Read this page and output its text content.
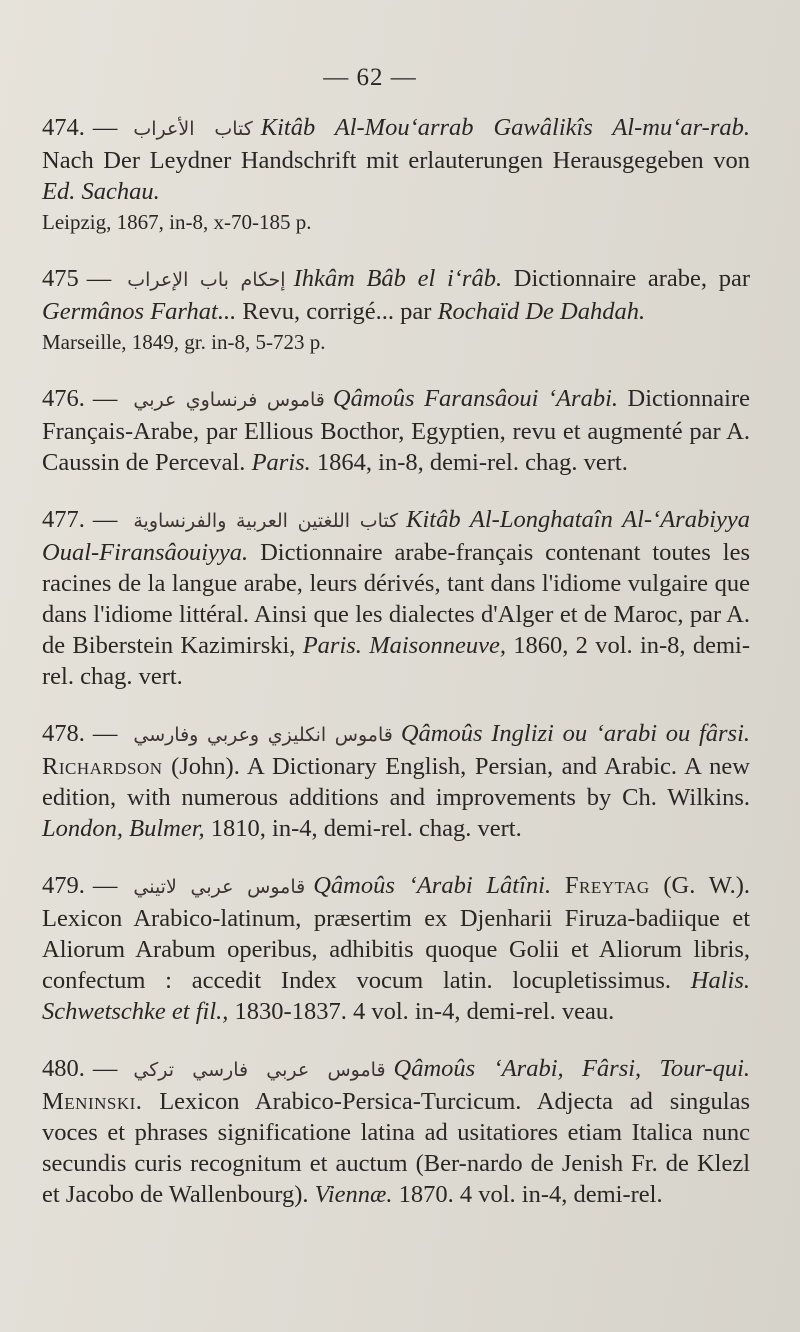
— 62 —

474. — كتاب الأعراب Kitâb Al-Mou‘arrab Gawâlikîs Al-mu‘ar-rab. Nach Der Leydner Handschrift mit erlauterungen Herausgegeben von Ed. Sachau.

Leipzig, 1867, in-8, x-70-185 p.

475 — إحكام باب الإعراب Ihkâm Bâb el i‘râb. Dictionnaire arabe, par Germânos Farhat... Revu, corrigé... par Rochaïd De Dahdah.

Marseille, 1849, gr. in-8, 5-723 p.

476. — قاموس فرنساوي عربي Qâmoûs Faransâoui ‘Arabi. Dictionnaire Français-Arabe, par Ellious Bocthor, Egyptien, revu et augmenté par A. Caussin de Perceval. Paris. 1864, in-8, demi-rel. chag. vert.

477. — كتاب اللغتين العربية والفرنساوية Kitâb Al-Longhataîn Al-‘Arabiyya Oual-Firansâouiyya. Dictionnaire arabe-français contenant toutes les racines de la langue arabe, leurs dérivés, tant dans l'idiome vulgaire que dans l'idiome littéral. Ainsi que les dialectes d'Alger et de Maroc, par A. de Biberstein Kazimirski, Paris. Maisonneuve, 1860, 2 vol. in-8, demi-rel. chag. vert.

478. — قاموس انكليزي وعربي وفارسي Qâmoûs Inglizi ou ‘arabi ou fârsi. Richardson (John). A Dictionary English, Persian, and Arabic. A new edition, with numerous additions and improvements by Ch. Wilkins. London, Bulmer, 1810, in-4, demi-rel. chag. vert.

479. — قاموس عربي لاتيني Qâmoûs ‘Arabi Lâtîni. Freytag (G. W.). Lexicon Arabico-latinum, præsertim ex Djenharii Firuza-badiique et Aliorum Arabum operibus, adhibitis quoque Golii et Aliorum libris, confectum : accedit Index vocum latin. locupletissimus. Halis. Schwetschke et fil., 1830-1837. 4 vol. in-4, demi-rel. veau.

480. — قاموس عربي فارسي تركي Qâmoûs ‘Arabi, Fârsi, Tour-qui. Meninski. Lexicon Arabico-Persica-Turcicum. Adjecta ad singulas voces et phrases significatione latina ad usitatiores etiam Italica nunc secundis curis recognitum et auctum (Ber-nardo de Jenish Fr. de Klezl et Jacobo de Wallenbourg). Viennæ. 1870. 4 vol. in-4, demi-rel.
